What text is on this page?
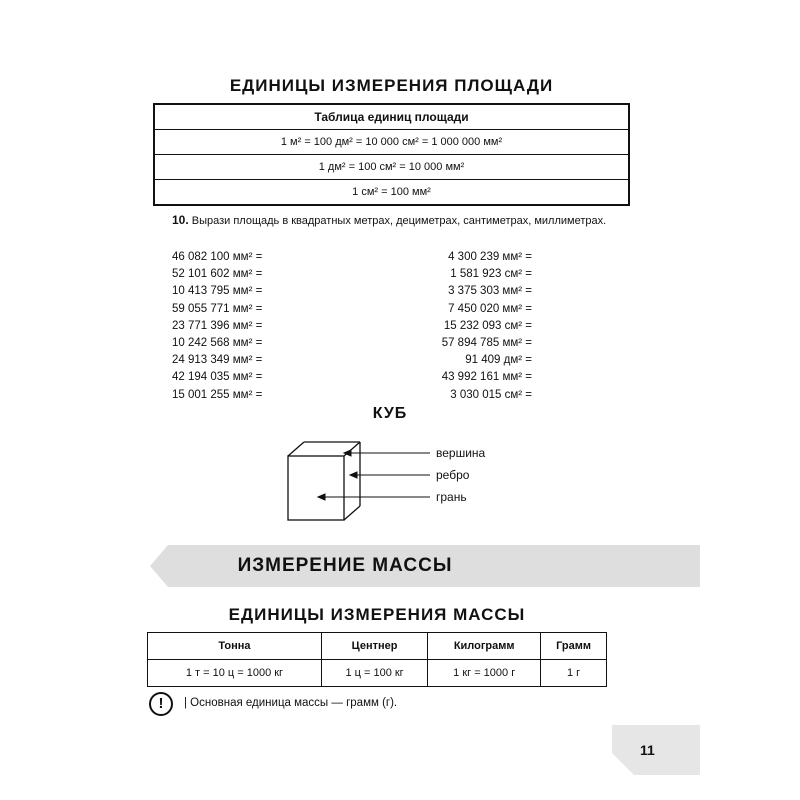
ЕДИНИЦЫ ИЗМЕРЕНИЯ ПЛОЩАДИ
Таблица единиц площади
1 м² = 100 дм² = 10 000 см² = 1 000 000 мм²
1 дм² = 100 см² = 10 000 мм²
1 см² = 100 мм²
10. Вырази площадь в квадратных метрах, дециметрах, сантиметрах, миллиметрах.
46 082 100 мм² =
52 101 602 мм² =
10 413 795 мм² =
59 055 771 мм² =
23 771 396 мм² =
10 242 568 мм² =
24 913 349 мм² =
42 194 035 мм² =
15 001 255 мм² =
4 300 239 мм² =
1 581 923 см² =
3 375 303 мм² =
7 450 020 мм² =
15 232 093 см² =
57 894 785 мм² =
91 409 дм² =
43 992 161 мм² =
3 030 015 см² =
КУБ
вершина
ребро
грань
ИЗМЕРЕНИЕ МАССЫ
ЕДИНИЦЫ ИЗМЕРЕНИЯ МАССЫ
Тонна	Центнер	Килограмм	Грамм
1 т = 10 ц = 1000 кг	1 ц = 100 кг	1 кг = 1000 г	1 г
!	| Основная единица массы — грамм (г).
11
